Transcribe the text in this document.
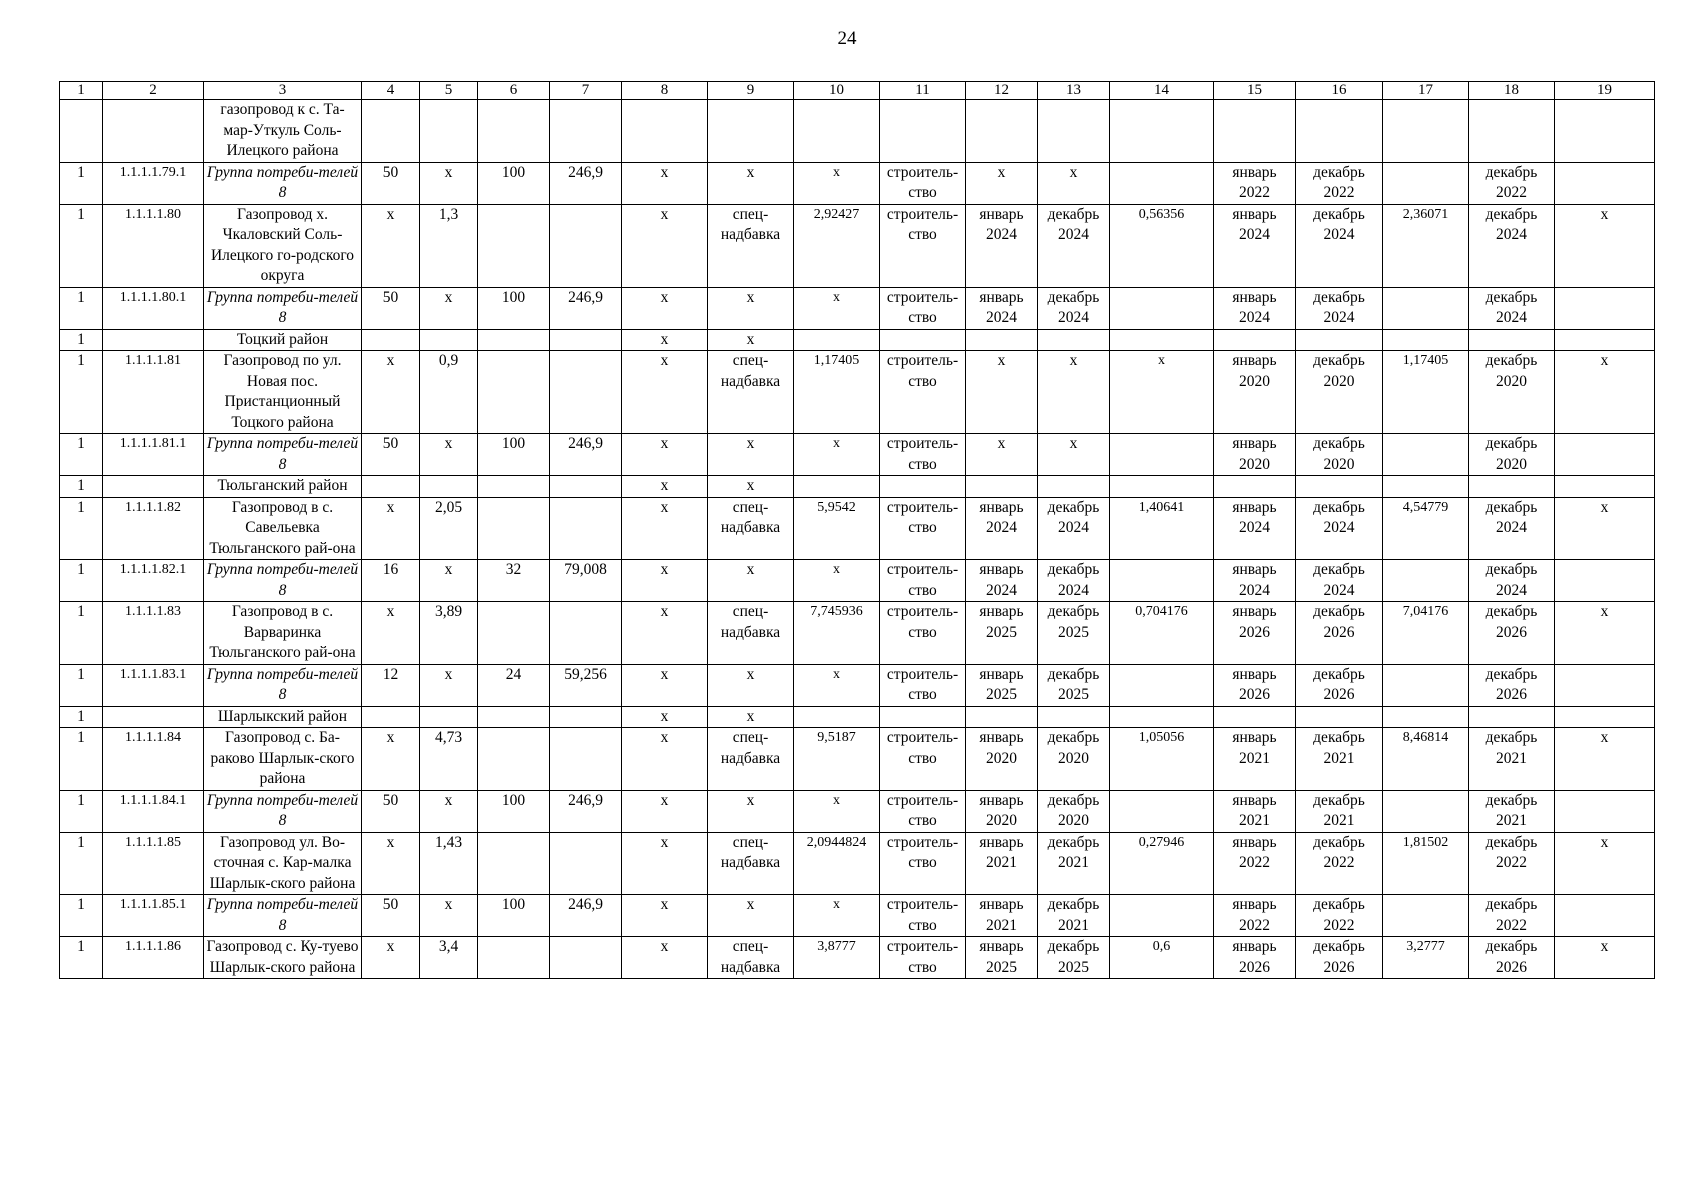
24
1	2	3	4	5	6	7	8	9	10	11	12	13	14	15	16	17	18	19
		газопровод к с. Та-мар-Уткуль Соль-Илецкого района																
1	1.1.1.1.79.1	Группа потреби-телей 8	50	х	100	246,9	х	х	х	строитель-ство	х	х		январь 2022	декабрь 2022		декабрь 2022	
1	1.1.1.1.80	Газопровод х. Чкаловский Соль-Илецкого го-родского округа	х	1,3			х	спец-надбавка	2,92427	строитель-ство	январь 2024	декабрь 2024	0,56356	январь 2024	декабрь 2024	2,36071	декабрь 2024	х
1	1.1.1.1.80.1	Группа потреби-телей 8	50	х	100	246,9	х	х	х	строитель-ство	январь 2024	декабрь 2024		январь 2024	декабрь 2024		декабрь 2024	
1		Тоцкий район					х	х										
1	1.1.1.1.81	Газопровод по ул. Новая пос. Пристанционный Тоцкого района	х	0,9			х	спец-надбавка	1,17405	строитель-ство	х	х	х	январь 2020	декабрь 2020	1,17405	декабрь 2020	х
1	1.1.1.1.81.1	Группа потреби-телей 8	50	х	100	246,9	х	х	х	строитель-ство	х	х		январь 2020	декабрь 2020		декабрь 2020	
1		Тюльганский район					х	х										
1	1.1.1.1.82	Газопровод в с. Савельевка Тюльганского рай-она	х	2,05			х	спец-надбавка	5,9542	строитель-ство	январь 2024	декабрь 2024	1,40641	январь 2024	декабрь 2024	4,54779	декабрь 2024	х
1	1.1.1.1.82.1	Группа потреби-телей 8	16	х	32	79,008	х	х	х	строитель-ство	январь 2024	декабрь 2024		январь 2024	декабрь 2024		декабрь 2024	
1	1.1.1.1.83	Газопровод в с. Варваринка Тюльганского рай-она	х	3,89			х	спец-надбавка	7,745936	строитель-ство	январь 2025	декабрь 2025	0,704176	январь 2026	декабрь 2026	7,04176	декабрь 2026	х
1	1.1.1.1.83.1	Группа потреби-телей 8	12	х	24	59,256	х	х	х	строитель-ство	январь 2025	декабрь 2025		январь 2026	декабрь 2026		декабрь 2026	
1		Шарлыкский район					х	х										
1	1.1.1.1.84	Газопровод с. Ба-раково Шарлык-ского района	х	4,73			х	спец-надбавка	9,5187	строитель-ство	январь 2020	декабрь 2020	1,05056	январь 2021	декабрь 2021	8,46814	декабрь 2021	х
1	1.1.1.1.84.1	Группа потреби-телей 8	50	х	100	246,9	х	х	х	строитель-ство	январь 2020	декабрь 2020		январь 2021	декабрь 2021		декабрь 2021	
1	1.1.1.1.85	Газопровод ул. Во-сточная с. Кар-малка Шарлык-ского района	х	1,43			х	спец-надбавка	2,0944824	строитель-ство	январь 2021	декабрь 2021	0,27946	январь 2022	декабрь 2022	1,81502	декабрь 2022	х
1	1.1.1.1.85.1	Группа потреби-телей 8	50	х	100	246,9	х	х	х	строитель-ство	январь 2021	декабрь 2021		январь 2022	декабрь 2022		декабрь 2022	
1	1.1.1.1.86	Газопровод с. Ку-туево Шарлык-ского района	х	3,4			х	спец-надбавка	3,8777	строитель-ство	январь 2025	декабрь 2025	0,6	январь 2026	декабрь 2026	3,2777	декабрь 2026	х
